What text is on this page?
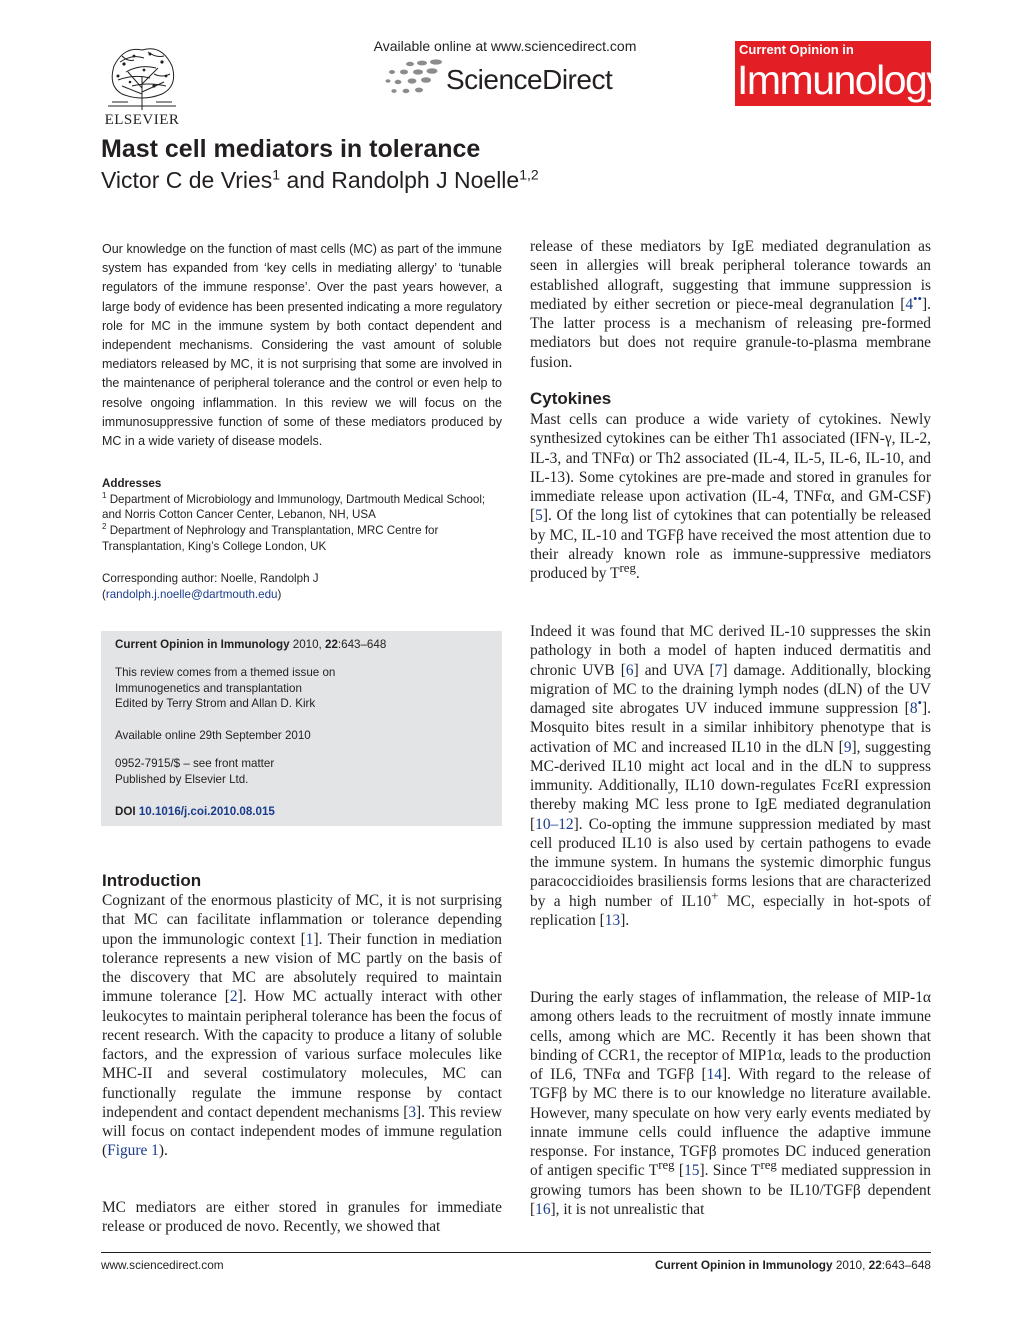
ELSEVIER
Available online at www.sciencedirect.com
ScienceDirect
Current Opinion in
Immunology
Mast cell mediators in tolerance
Victor C de Vries$^1$ and Randolph J Noelle$^{1,2}$

Our knowledge on the function of mast cells (MC) as part of the immune system has expanded from ‘key cells in mediating allergy’ to ‘tunable regulators of the immune response’. Over the past years however, a large body of evidence has been presented indicating a more regulatory role for MC in the immune system by both contact dependent and independent mechanisms. Considering the vast amount of soluble mediators released by MC, it is not surprising that some are involved in the maintenance of peripheral tolerance and the control or even help to resolve ongoing inflammation. In this review we will focus on the immunosuppressive function of some of these mediators produced by MC in a wide variety of disease models.

Addresses
$^1$ Department of Microbiology and Immunology, Dartmouth Medical School; and Norris Cotton Cancer Center, Lebanon, NH, USA
$^2$ Department of Nephrology and Transplantation, MRC Centre for Transplantation, King’s College London, UK
Corresponding author: Noelle, Randolph J
(randolph.j.noelle@dartmouth.edu)
Current Opinion in Immunology 2010, 22:643–648
This review comes from a themed issue on
Immunogenetics and transplantation
Edited by Terry Strom and Allan D. Kirk
Available online 29th September 2010
0952-7915/$ – see front matter
Published by Elsevier Ltd.
DOI 10.1016/j.coi.2010.08.015
Introduction

Cognizant of the enormous plasticity of MC, it is not surprising that MC can facilitate inflammation or tolerance depending upon the immunologic context [1]. Their function in mediation tolerance represents a new vision of MC partly on the basis of the discovery that MC are absolutely required to maintain immune tolerance [2]. How MC actually interact with other leukocytes to maintain peripheral tolerance has been the focus of recent research. With the capacity to produce a litany of soluble factors, and the expression of various surface molecules like MHC-II and several costimulatory molecules, MC can functionally regulate the immune response by contact independent and contact dependent mechanisms [3]. This review will focus on contact independent modes of immune regulation (Figure 1).

MC mediators are either stored in granules for immediate release or produced de novo. Recently, we showed that

release of these mediators by IgE mediated degranulation as seen in allergies will break peripheral tolerance towards an established allograft, suggesting that immune suppression is mediated by either secretion or piece-meal degranulation [4••]. The latter process is a mechanism of releasing pre-formed mediators but does not require granule-to-plasma membrane fusion.

Cytokines

Mast cells can produce a wide variety of cytokines. Newly synthesized cytokines can be either Th1 associated (IFN-γ, IL-2, IL-3, and TNFα) or Th2 associated (IL-4, IL-5, IL-6, IL-10, and IL-13). Some cytokines are pre-made and stored in granules for immediate release upon activation (IL-4, TNFα, and GM-CSF) [5]. Of the long list of cytokines that can potentially be released by MC, IL-10 and TGFβ have received the most attention due to their already known role as immune-suppressive mediators produced by $T^{reg}$.

Indeed it was found that MC derived IL-10 suppresses the skin pathology in both a model of hapten induced dermatitis and chronic UVB [6] and UVA [7] damage. Additionally, blocking migration of MC to the draining lymph nodes (dLN) of the UV damaged site abrogates UV induced immune suppression [8•]. Mosquito bites result in a similar inhibitory phenotype that is activation of MC and increased IL10 in the dLN [9], suggesting MC-derived IL10 might act local and in the dLN to suppress immunity. Additionally, IL10 down-regulates FcεRI expression thereby making MC less prone to IgE mediated degranulation [10–12]. Co-opting the immune suppression mediated by mast cell produced IL10 is also used by certain pathogens to evade the immune system. In humans the systemic dimorphic fungus paracoccidioides brasiliensis forms lesions that are characterized by a high number of IL10+ MC, especially in hot-spots of replication [13].

During the early stages of inflammation, the release of MIP-1α among others leads to the recruitment of mostly innate immune cells, among which are MC. Recently it has been shown that binding of CCR1, the receptor of MIP1α, leads to the production of IL6, TNFα and TGFβ [14]. With regard to the release of TGFβ by MC there is to our knowledge no literature available. However, many speculate on how very early events mediated by innate immune cells could influence the adaptive immune response. For instance, TGFβ promotes DC induced generation of antigen specific $T^{reg}$ [15]. Since $T^{reg}$ mediated suppression in growing tumors has been shown to be IL10/TGFβ dependent [16], it is not unrealistic that

www.sciencedirect.com	Current Opinion in Immunology 2010, 22:643–648
